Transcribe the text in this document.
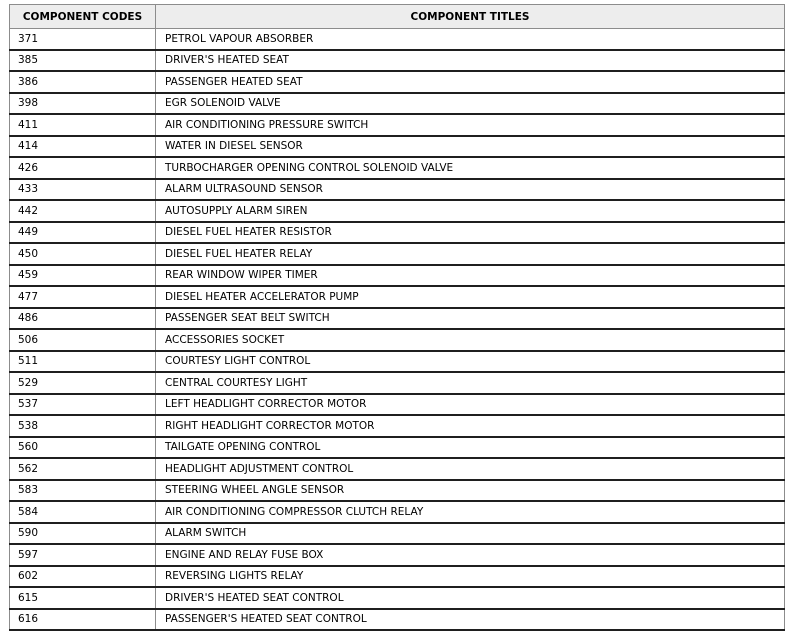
COMPONENT CODES	COMPONENT TITLES
371	PETROL VAPOUR ABSORBER
385	DRIVER'S HEATED SEAT
386	PASSENGER HEATED SEAT
398	EGR SOLENOID VALVE
411	AIR CONDITIONING PRESSURE SWITCH
414	WATER IN DIESEL SENSOR
426	TURBOCHARGER OPENING CONTROL SOLENOID VALVE
433	ALARM ULTRASOUND SENSOR
442	AUTOSUPPLY ALARM SIREN
449	DIESEL FUEL HEATER RESISTOR
450	DIESEL FUEL HEATER RELAY
459	REAR WINDOW WIPER TIMER
477	DIESEL HEATER ACCELERATOR PUMP
486	PASSENGER SEAT BELT SWITCH
506	ACCESSORIES SOCKET
511	COURTESY LIGHT CONTROL
529	CENTRAL COURTESY LIGHT
537	LEFT HEADLIGHT CORRECTOR MOTOR
538	RIGHT HEADLIGHT CORRECTOR MOTOR
560	TAILGATE OPENING CONTROL
562	HEADLIGHT ADJUSTMENT CONTROL
583	STEERING WHEEL ANGLE SENSOR
584	AIR CONDITIONING COMPRESSOR CLUTCH RELAY
590	ALARM SWITCH
597	ENGINE AND RELAY FUSE BOX
602	REVERSING LIGHTS RELAY
615	DRIVER'S HEATED SEAT CONTROL
616	PASSENGER'S HEATED SEAT CONTROL
